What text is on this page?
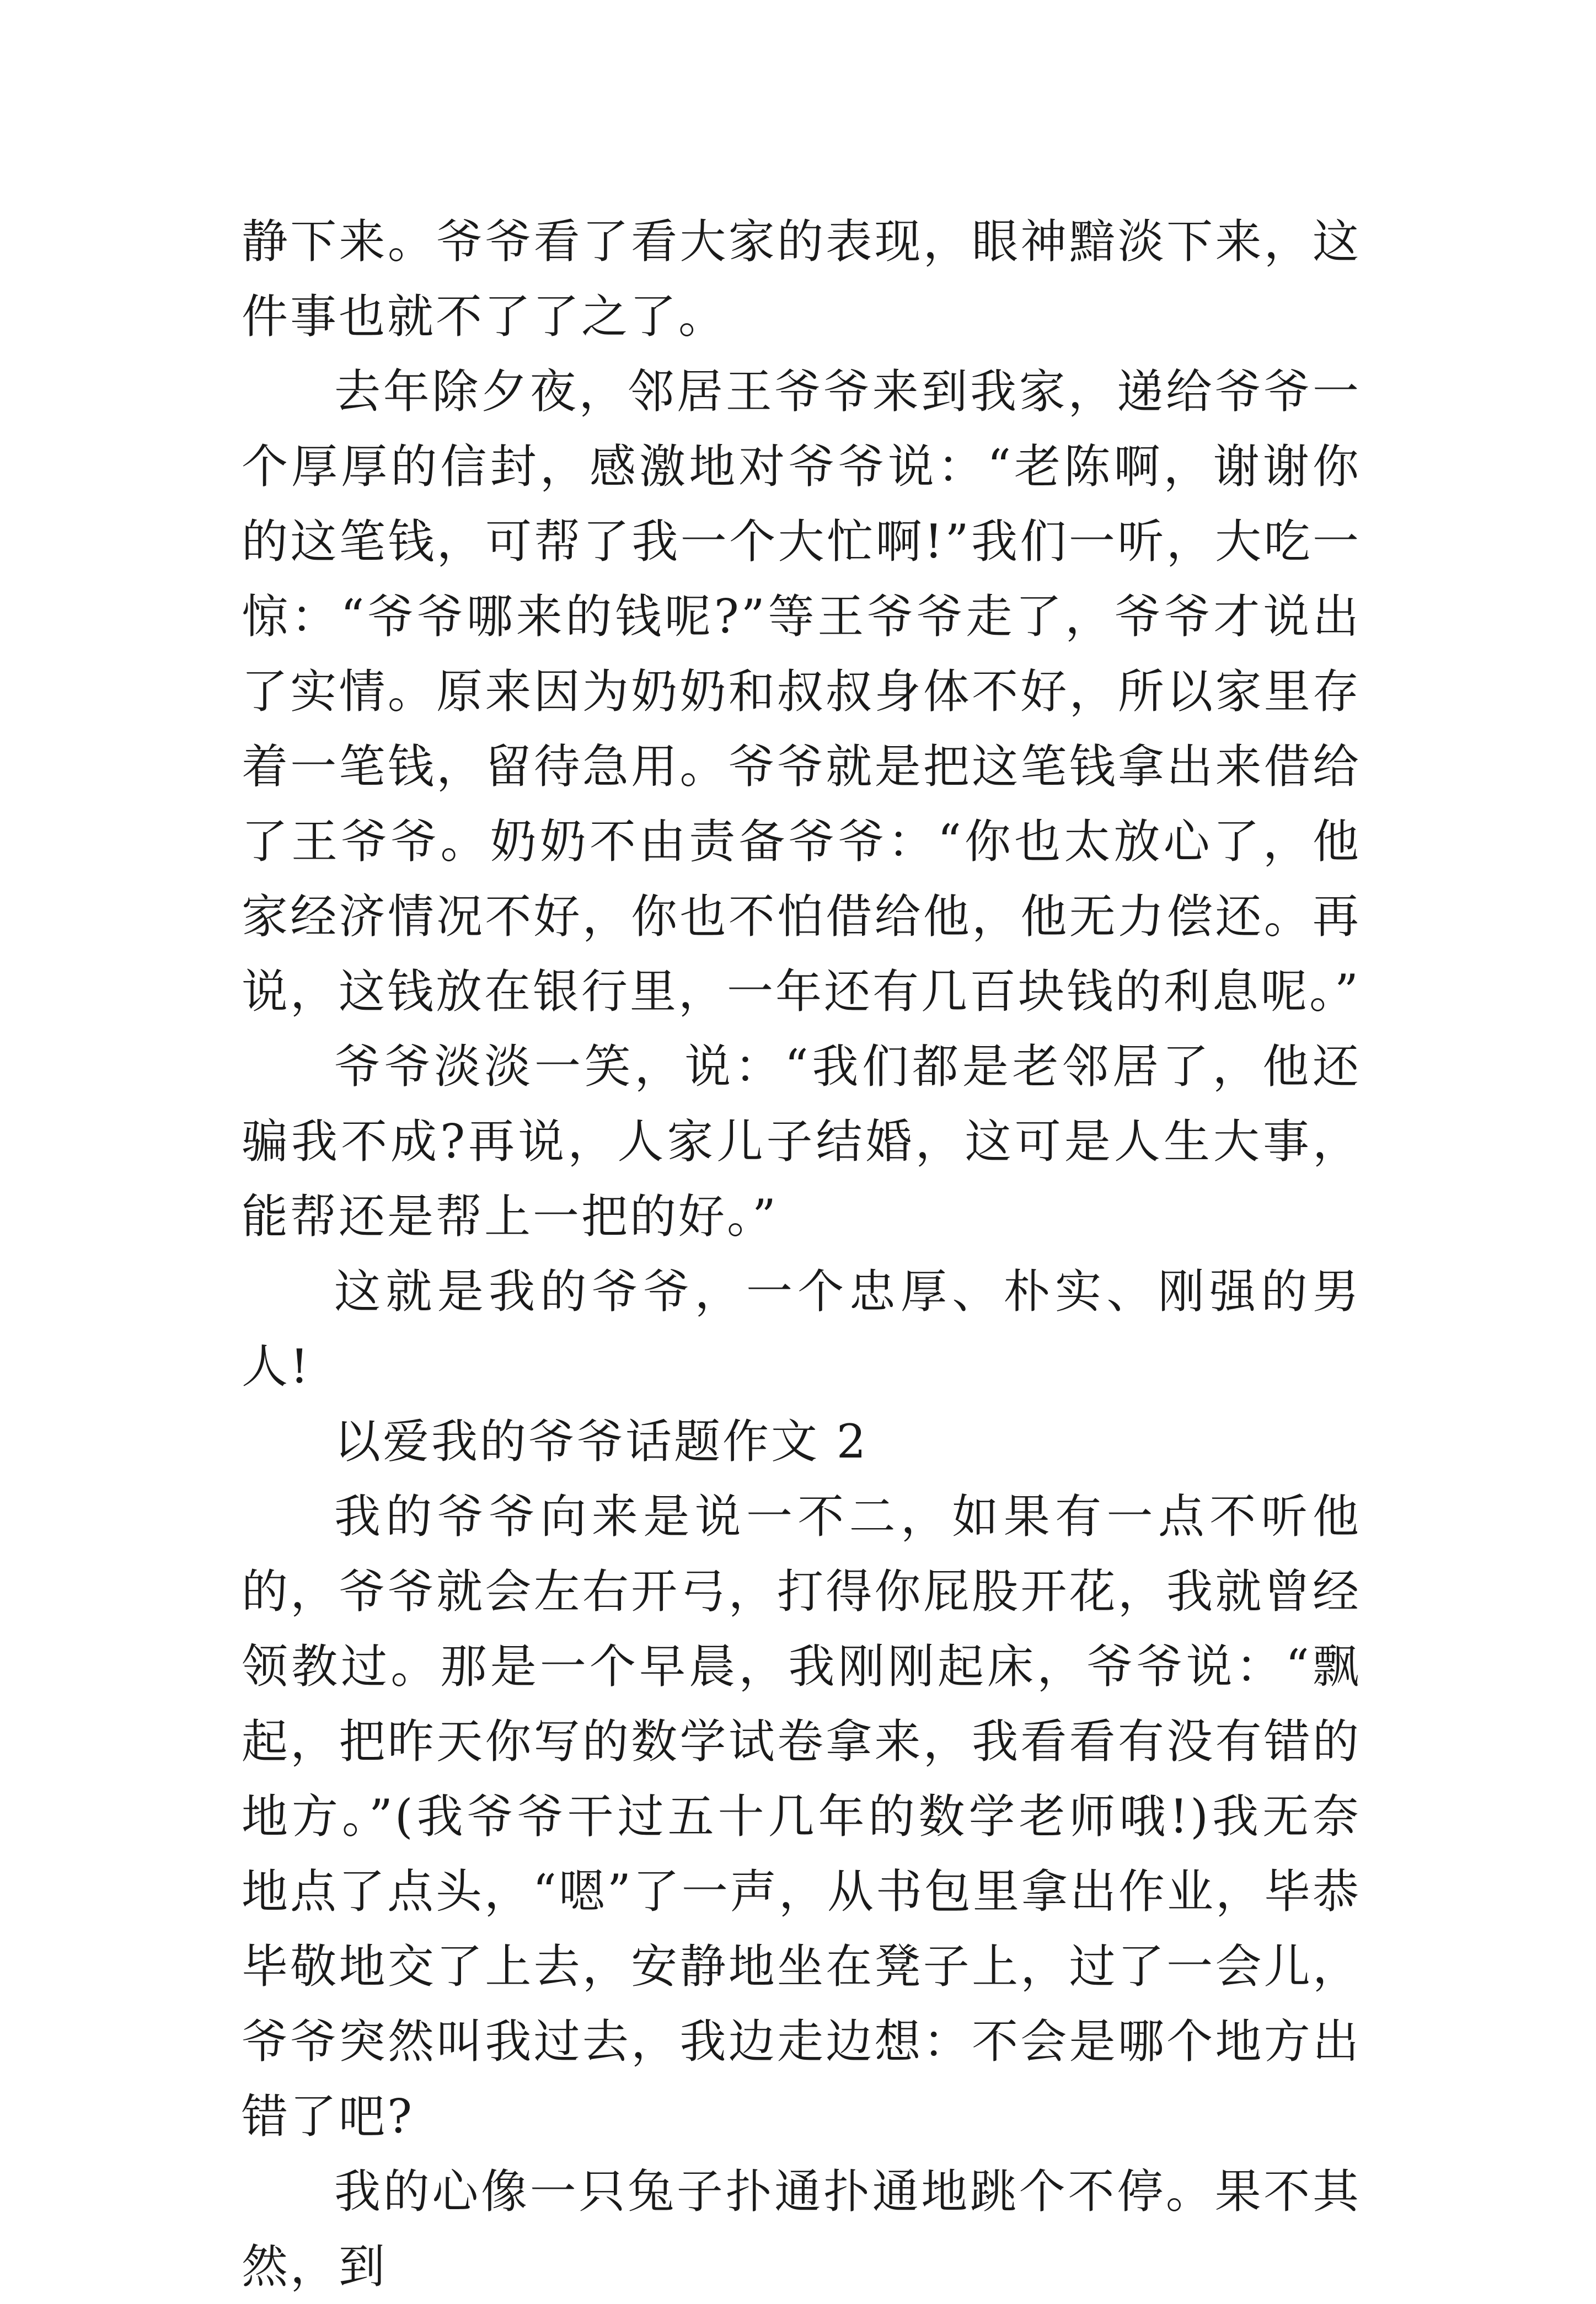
静下来。爷爷看了看大家的表现，眼神黯淡下来，这件事也就不了了之了。

去年除夕夜，邻居王爷爷来到我家，递给爷爷一个厚厚的信封，感激地对爷爷说：“老陈啊，谢谢你的这笔钱，可帮了我一个大忙啊!”我们一听，大吃一惊：“爷爷哪来的钱呢?”等王爷爷走了，爷爷才说出了实情。原来因为奶奶和叔叔身体不好，所以家里存着一笔钱，留待急用。爷爷就是把这笔钱拿出来借给了王爷爷。奶奶不由责备爷爷：“你也太放心了，他家经济情况不好，你也不怕借给他，他无力偿还。再说，这钱放在银行里，一年还有几百块钱的利息呢。”

爷爷淡淡一笑，说：“我们都是老邻居了，他还骗我不成?再说，人家儿子结婚，这可是人生大事，能帮还是帮上一把的好。”

这就是我的爷爷，一个忠厚、朴实、刚强的男人!

以爱我的爷爷话题作文 2

我的爷爷向来是说一不二，如果有一点不听他的，爷爷就会左右开弓，打得你屁股开花，我就曾经领教过。那是一个早晨，我刚刚起床，爷爷说：“飘起，把昨天你写的数学试卷拿来，我看看有没有错的地方。”(我爷爷干过五十几年的数学老师哦!)我无奈地点了点头，“嗯”了一声，从书包里拿出作业，毕恭毕敬地交了上去，安静地坐在凳子上，过了一会儿，爷爷突然叫我过去，我边走边想：不会是哪个地方出错了吧?

我的心像一只兔子扑通扑通地跳个不停。果不其然，到
